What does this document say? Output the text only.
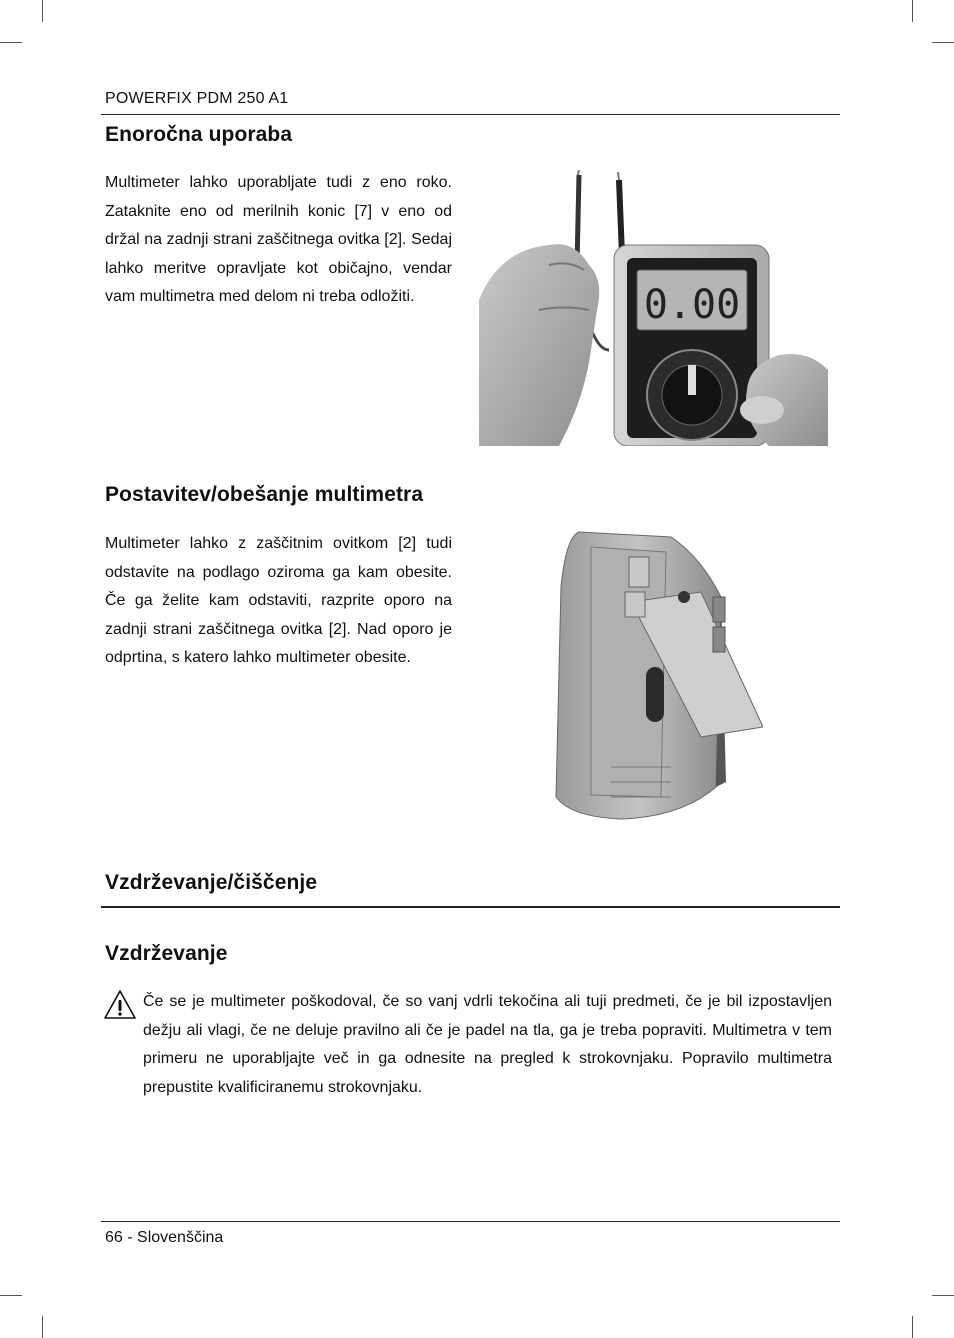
POWERFIX PDM 250 A1
Enoročna uporaba
Multimeter lahko uporabljate tudi z eno roko. Zataknite eno od merilnih konic [7] v eno od držal na zadnji strani zaščitnega ovitka [2]. Sedaj lahko meritve opravljate kot običajno, vendar vam multimetra med delom ni treba odložiti.	0.00
Postavitev/obešanje multimetra
Multimeter lahko z zaščitnim ovitkom [2] tudi odstavite na podlago oziroma ga kam obesite. Če ga želite kam odstaviti, razprite oporo na zadnji strani zaščitnega ovitka [2]. Nad oporo je odprtina, s katero lahko multimeter obesite.
Vzdrževanje/čiščenje
Vzdrževanje
Če se je multimeter poškodoval, če so vanj vdrli tekočina ali tuji predmeti, če je bil izpostavljen dežju ali vlagi, če ne deluje pravilno ali če je padel na tla, ga je treba popraviti. Multimetra v tem primeru ne uporabljajte več in ga odnesite na pregled k strokovnjaku. Popravilo multimetra prepustite kvalificiranemu strokovnjaku.
66 - Slovenščina
